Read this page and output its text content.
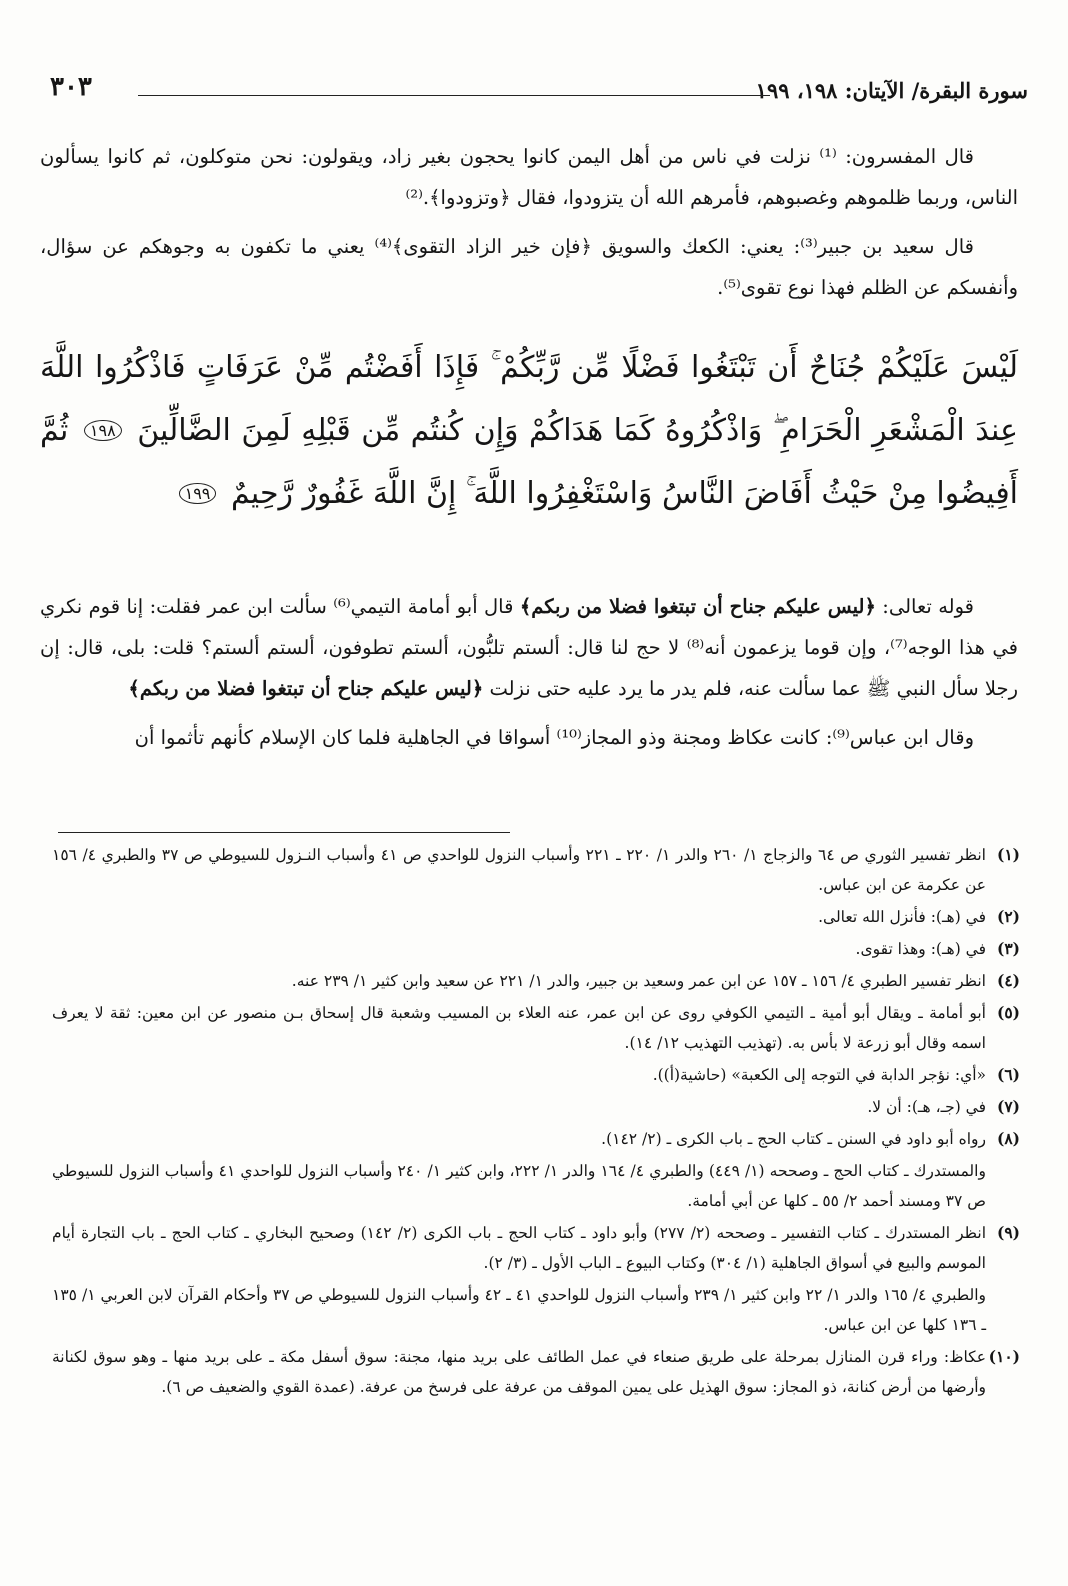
سورة البقرة/ الآيتان: ١٩٨، ١٩٩
٣٠٣

قال المفسرون: ⁽¹⁾ نزلت في ناس من أهل اليمن كانوا يحجون بغير زاد، ويقولون: نحن متوكلون، ثم كانوا يسألون الناس، وربما ظلموهم وغصبوهم، فأمرهم الله أن يتزودوا، فقال ﴿وتزودوا﴾.⁽²⁾

قال سعيد بن جبير⁽³⁾: يعني: الكعك والسويق ﴿فإن خير الزاد التقوى﴾⁽⁴⁾ يعني ما تكفون به وجوهكم عن سؤال، وأنفسكم عن الظلم فهذا نوع تقوى⁽⁵⁾.

لَيْسَ عَلَيْكُمْ جُنَاحٌ أَن تَبْتَغُوا فَضْلًا مِّن رَّبِّكُمْ ۚ فَإِذَا أَفَضْتُم مِّنْ عَرَفَاتٍ فَاذْكُرُوا اللَّهَ عِندَ الْمَشْعَرِ الْحَرَامِ ۖ وَاذْكُرُوهُ كَمَا هَدَاكُمْ وَإِن كُنتُم مِّن قَبْلِهِ لَمِنَ الضَّالِّينَ ١٩٨ ثُمَّ أَفِيضُوا مِنْ حَيْثُ أَفَاضَ النَّاسُ وَاسْتَغْفِرُوا اللَّهَ ۚ إِنَّ اللَّهَ غَفُورٌ رَّحِيمٌ ١٩٩

قوله تعالى: ﴿ليس عليكم جناح أن تبتغوا فضلا من ربكم﴾ قال أبو أمامة التيمي⁽⁶⁾ سألت ابن عمر فقلت: إنا قوم نكري في هذا الوجه⁽⁷⁾، وإن قوما يزعمون أنه⁽⁸⁾ لا حج لنا قال: ألستم تلبُّون، ألستم تطوفون، ألستم ألستم؟ قلت: بلى، قال: إن رجلا سأل النبي ﷺ عما سألت عنه، فلم يدر ما يرد عليه حتى نزلت ﴿ليس عليكم جناح أن تبتغوا فضلا من ربكم﴾

وقال ابن عباس⁽⁹⁾: كانت عكاظ ومجنة وذو المجاز⁽¹⁰⁾ أسواقا في الجاهلية فلما كان الإسلام كأنهم تأثموا أن

(١)انظر تفسير الثوري ص ٦٤ والزجاج ١/ ٢٦٠ والدر ١/ ٢٢٠ ـ ٢٢١ وأسباب النزول للواحدي ص ٤١ وأسباب النـزول للسيوطي ص ٣٧ والطبري ٤/ ١٥٦ عن عكرمة عن ابن عباس.

(٢)في (هـ): فأنزل الله تعالى.

(٣)في (هـ): وهذا تقوى.

(٤)انظر تفسير الطبري ٤/ ١٥٦ ـ ١٥٧ عن ابن عمر وسعيد بن جبير، والدر ١/ ٢٢١ عن سعيد وابن كثير ١/ ٢٣٩ عنه.

(٥)أبو أمامة ـ ويقال أبو أمية ـ التيمي الكوفي روى عن ابن عمر، عنه العلاء بن المسيب وشعبة قال إسحاق بـن منصور عن ابن معين: ثقة لا يعرف اسمه وقال أبو زرعة لا بأس به. (تهذيب التهذيب ١٢/ ١٤).

(٦)«أي: نؤجر الدابة في التوجه إلى الكعبة» (حاشية(أ)).

(٧)في (جـ، هـ): أن لا.

(٨)رواه أبو داود في السنن ـ كتاب الحج ـ باب الكرى ـ (٢/ ١٤٢).

والمستدرك ـ كتاب الحج ـ وصححه (١/ ٤٤٩) والطبري ٤/ ١٦٤ والدر ١/ ٢٢٢، وابن كثير ١/ ٢٤٠ وأسباب النزول للواحدي ٤١ وأسباب النزول للسيوطي ص ٣٧ ومسند أحمد ٢/ ٥٥ ـ كلها عن أبي أمامة.

(٩)انظر المستدرك ـ كتاب التفسير ـ وصححه (٢/ ٢٧٧) وأبو داود ـ كتاب الحج ـ باب الكرى (٢/ ١٤٢) وصحيح البخاري ـ كتاب الحج ـ باب التجارة أيام الموسم والبيع في أسواق الجاهلية (١/ ٣٠٤) وكتاب البيوع ـ الباب الأول ـ (٣/ ٢).

والطبري ٤/ ١٦٥ والدر ١/ ٢٢ وابن كثير ١/ ٢٣٩ وأسباب النزول للواحدي ٤١ ـ ٤٢ وأسباب النزول للسيوطي ص ٣٧ وأحكام القرآن لابن العربي ١/ ١٣٥ ـ ١٣٦ كلها عن ابن عباس.

(١٠)عكاظ: وراء قرن المنازل بمرحلة على طريق صنعاء في عمل الطائف على بريد منها، مجنة: سوق أسفل مكة ـ على بريد منها ـ وهو سوق لكنانة وأرضها من أرض كنانة، ذو المجاز: سوق الهذيل على يمين الموقف من عرفة على فرسخ من عرفة. (عمدة القوي والضعيف ص ٦).
